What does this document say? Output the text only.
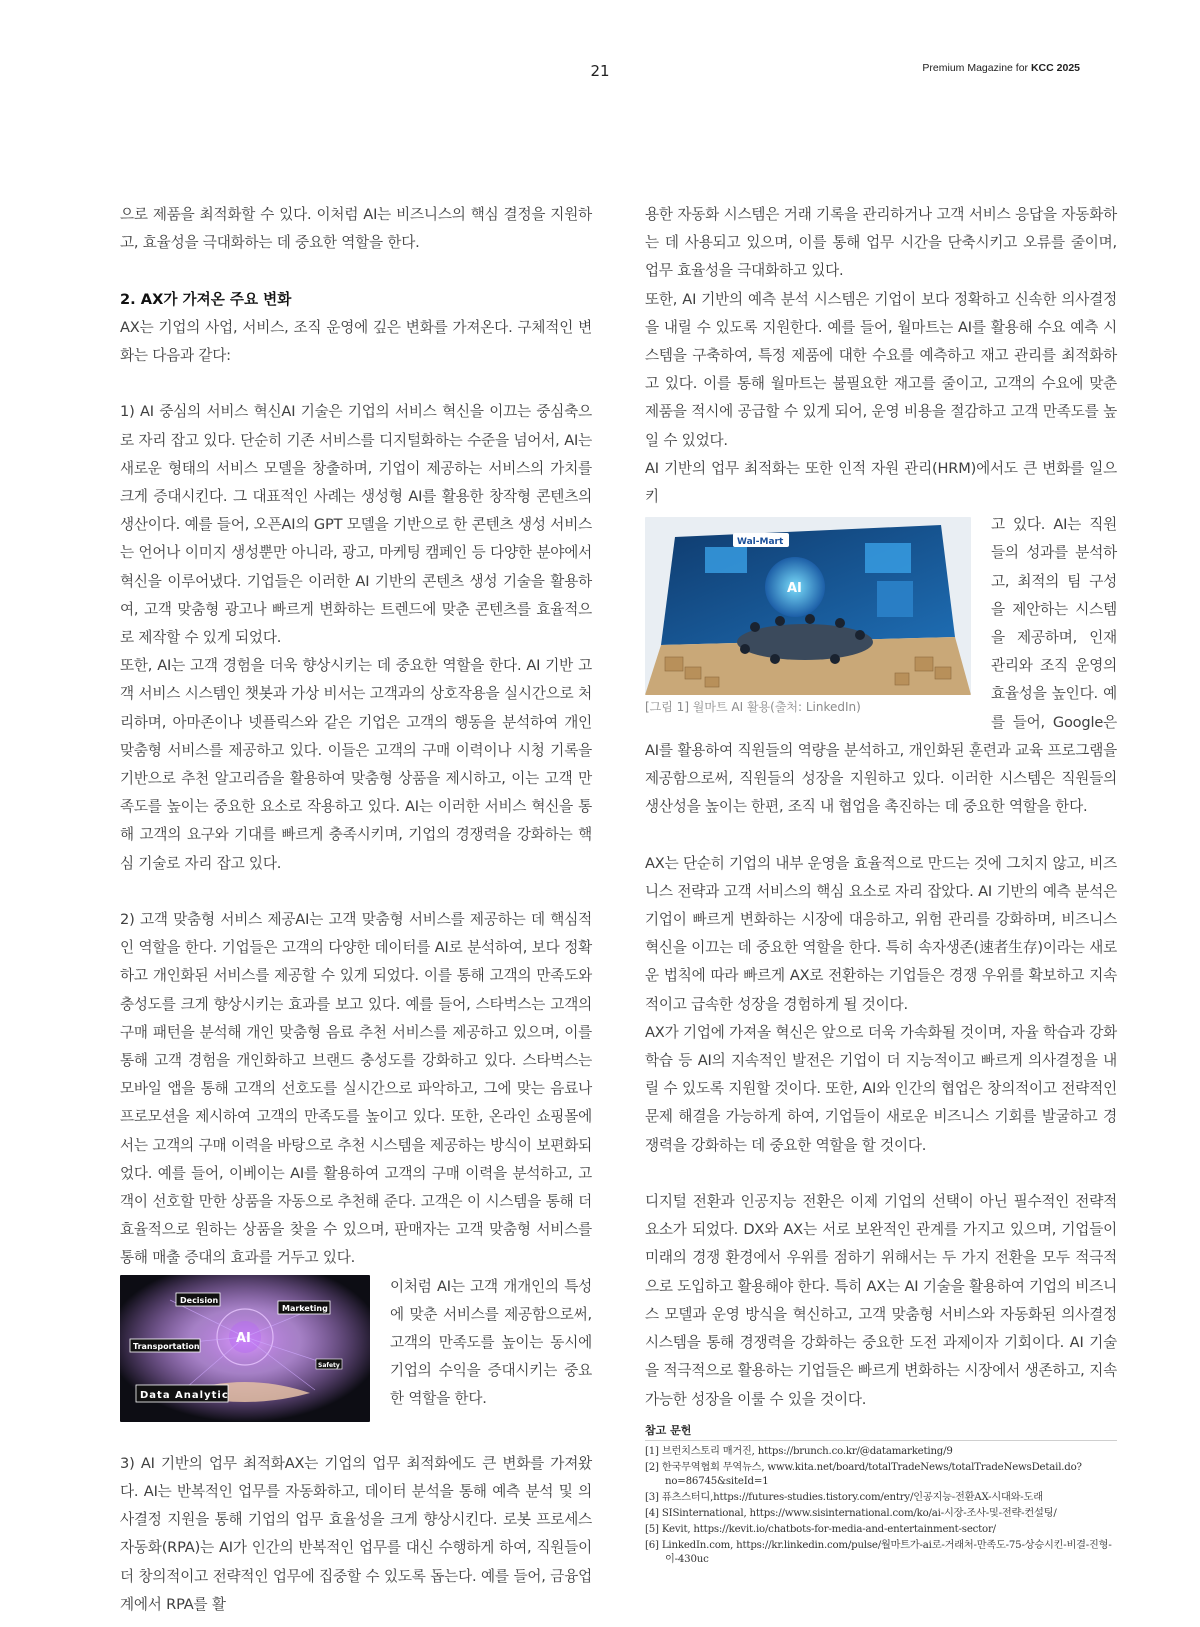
21	Premium Magazine for KCC 2025

으로 제품을 최적화할 수 있다. 이처럼 AI는 비즈니스의 핵심 결정을 지원하고, 효율성을 극대화하는 데 중요한 역할을 한다.

2. AX가 가져온 주요 변화

AX는 기업의 사업, 서비스, 조직 운영에 깊은 변화를 가져온다. 구체적인 변화는 다음과 같다:

1) AI 중심의 서비스 혁신AI 기술은 기업의 서비스 혁신을 이끄는 중심축으로 자리 잡고 있다. 단순히 기존 서비스를 디지털화하는 수준을 넘어서, AI는 새로운 형태의 서비스 모델을 창출하며, 기업이 제공하는 서비스의 가치를 크게 증대시킨다. 그 대표적인 사례는 생성형 AI를 활용한 창작형 콘텐츠의 생산이다. 예를 들어, 오픈AI의 GPT 모델을 기반으로 한 콘텐츠 생성 서비스는 언어나 이미지 생성뿐만 아니라, 광고, 마케팅 캠페인 등 다양한 분야에서 혁신을 이루어냈다. 기업들은 이러한 AI 기반의 콘텐츠 생성 기술을 활용하여, 고객 맞춤형 광고나 빠르게 변화하는 트렌드에 맞춘 콘텐츠를 효율적으로 제작할 수 있게 되었다.

또한, AI는 고객 경험을 더욱 향상시키는 데 중요한 역할을 한다. AI 기반 고객 서비스 시스템인 챗봇과 가상 비서는 고객과의 상호작용을 실시간으로 처리하며, 아마존이나 넷플릭스와 같은 기업은 고객의 행동을 분석하여 개인 맞춤형 서비스를 제공하고 있다. 이들은 고객의 구매 이력이나 시청 기록을 기반으로 추천 알고리즘을 활용하여 맞춤형 상품을 제시하고, 이는 고객 만족도를 높이는 중요한 요소로 작용하고 있다. AI는 이러한 서비스 혁신을 통해 고객의 요구와 기대를 빠르게 충족시키며, 기업의 경쟁력을 강화하는 핵심 기술로 자리 잡고 있다.

2) 고객 맞춤형 서비스 제공AI는 고객 맞춤형 서비스를 제공하는 데 핵심적인 역할을 한다. 기업들은 고객의 다양한 데이터를 AI로 분석하여, 보다 정확하고 개인화된 서비스를 제공할 수 있게 되었다. 이를 통해 고객의 만족도와 충성도를 크게 향상시키는 효과를 보고 있다. 예를 들어, 스타벅스는 고객의 구매 패턴을 분석해 개인 맞춤형 음료 추천 서비스를 제공하고 있으며, 이를 통해 고객 경험을 개인화하고 브랜드 충성도를 강화하고 있다. 스타벅스는 모바일 앱을 통해 고객의 선호도를 실시간으로 파악하고, 그에 맞는 음료나 프로모션을 제시하여 고객의 만족도를 높이고 있다. 또한, 온라인 쇼핑몰에서는 고객의 구매 이력을 바탕으로 추천 시스템을 제공하는 방식이 보편화되었다. 예를 들어, 이베이는 AI를 활용하여 고객의 구매 이력을 분석하고, 고객이 선호할 만한 상품을 자동으로 추천해 준다. 고객은 이 시스템을 통해 더 효율적으로 원하는 상품을 찾을 수 있으며, 판매자는 고객 맞춤형 서비스를 통해 매출 증대의 효과를 거두고 있다.

Decision
Marketing
Transportation
Data Analytic
AI
Safety

이처럼 AI는 고객 개개인의 특성에 맞춘 서비스를 제공함으로써, 고객의 만족도를 높이는 동시에 기업의 수익을 증대시키는 중요한 역할을 한다.

3) AI 기반의 업무 최적화AX는 기업의 업무 최적화에도 큰 변화를 가져왔다. AI는 반복적인 업무를 자동화하고, 데이터 분석을 통해 예측 분석 및 의사결정 지원을 통해 기업의 업무 효율성을 크게 향상시킨다. 로봇 프로세스 자동화(RPA)는 AI가 인간의 반복적인 업무를 대신 수행하게 하여, 직원들이 더 창의적이고 전략적인 업무에 집중할 수 있도록 돕는다. 예를 들어, 금융업계에서 RPA를 활

용한 자동화 시스템은 거래 기록을 관리하거나 고객 서비스 응답을 자동화하는 데 사용되고 있으며, 이를 통해 업무 시간을 단축시키고 오류를 줄이며, 업무 효율성을 극대화하고 있다.

또한, AI 기반의 예측 분석 시스템은 기업이 보다 정확하고 신속한 의사결정을 내릴 수 있도록 지원한다. 예를 들어, 월마트는 AI를 활용해 수요 예측 시스템을 구축하여, 특정 제품에 대한 수요를 예측하고 재고 관리를 최적화하고 있다. 이를 통해 월마트는 불필요한 재고를 줄이고, 고객의 수요에 맞춘 제품을 적시에 공급할 수 있게 되어, 운영 비용을 절감하고 고객 만족도를 높일 수 있었다.

AI 기반의 업무 최적화는 또한 인적 자원 관리(HRM)에서도 큰 변화를 일으키

Wal-Mart
AI

[그림 1] 월마트 AI 활용(출처: LinkedIn)

고 있다. AI는 직원들의 성과를 분석하고, 최적의 팀 구성을 제안하는 시스템을 제공하며, 인재 관리와 조직 운영의 효율성을 높인다. 예를 들어, Google은 AI를 활용하여 직원들의 역량을 분석하고, 개인화된 훈련과 교육 프로그램을 제공함으로써, 직원들의 성장을 지원하고 있다. 이러한 시스템은 직원들의 생산성을 높이는 한편, 조직 내 협업을 촉진하는 데 중요한 역할을 한다.

AX는 단순히 기업의 내부 운영을 효율적으로 만드는 것에 그치지 않고, 비즈니스 전략과 고객 서비스의 핵심 요소로 자리 잡았다. AI 기반의 예측 분석은 기업이 빠르게 변화하는 시장에 대응하고, 위험 관리를 강화하며, 비즈니스 혁신을 이끄는 데 중요한 역할을 한다. 특히 속자생존(速者生存)이라는 새로운 법칙에 따라 빠르게 AX로 전환하는 기업들은 경쟁 우위를 확보하고 지속적이고 급속한 성장을 경험하게 될 것이다.

AX가 기업에 가져올 혁신은 앞으로 더욱 가속화될 것이며, 자율 학습과 강화 학습 등 AI의 지속적인 발전은 기업이 더 지능적이고 빠르게 의사결정을 내릴 수 있도록 지원할 것이다. 또한, AI와 인간의 협업은 창의적이고 전략적인 문제 해결을 가능하게 하여, 기업들이 새로운 비즈니스 기회를 발굴하고 경쟁력을 강화하는 데 중요한 역할을 할 것이다.

디지털 전환과 인공지능 전환은 이제 기업의 선택이 아닌 필수적인 전략적 요소가 되었다. DX와 AX는 서로 보완적인 관계를 가지고 있으며, 기업들이 미래의 경쟁 환경에서 우위를 점하기 위해서는 두 가지 전환을 모두 적극적으로 도입하고 활용해야 한다. 특히 AX는 AI 기술을 활용하여 기업의 비즈니스 모델과 운영 방식을 혁신하고, 고객 맞춤형 서비스와 자동화된 의사결정 시스템을 통해 경쟁력을 강화하는 중요한 도전 과제이자 기회이다. AI 기술을 적극적으로 활용하는 기업들은 빠르게 변화하는 시장에서 생존하고, 지속 가능한 성장을 이룰 수 있을 것이다.

참고 문헌
[1] 브런치스토리 매거진, https://brunch.co.kr/@datamarketing/9
[2] 한국무역협회 무역뉴스, www.kita.net/board/totalTradeNews/totalTradeNewsDetail.do?no=86745&siteId=1
[3] 퓨츠스터디,https://futures-studies.tistory.com/entry/인공지능-전환AX-시대와-도래
[4] SISinternational, https://www.sisinternational.com/ko/ai-시장-조사-및-전략-컨설팅/
[5] Kevit, https://kevit.io/chatbots-for-media-and-entertainment-sector/
[6] LinkedIn.com, https://kr.linkedin.com/pulse/월마트가-ai로-거래처-만족도-75-상승시킨-비결-진형-이-430uc
